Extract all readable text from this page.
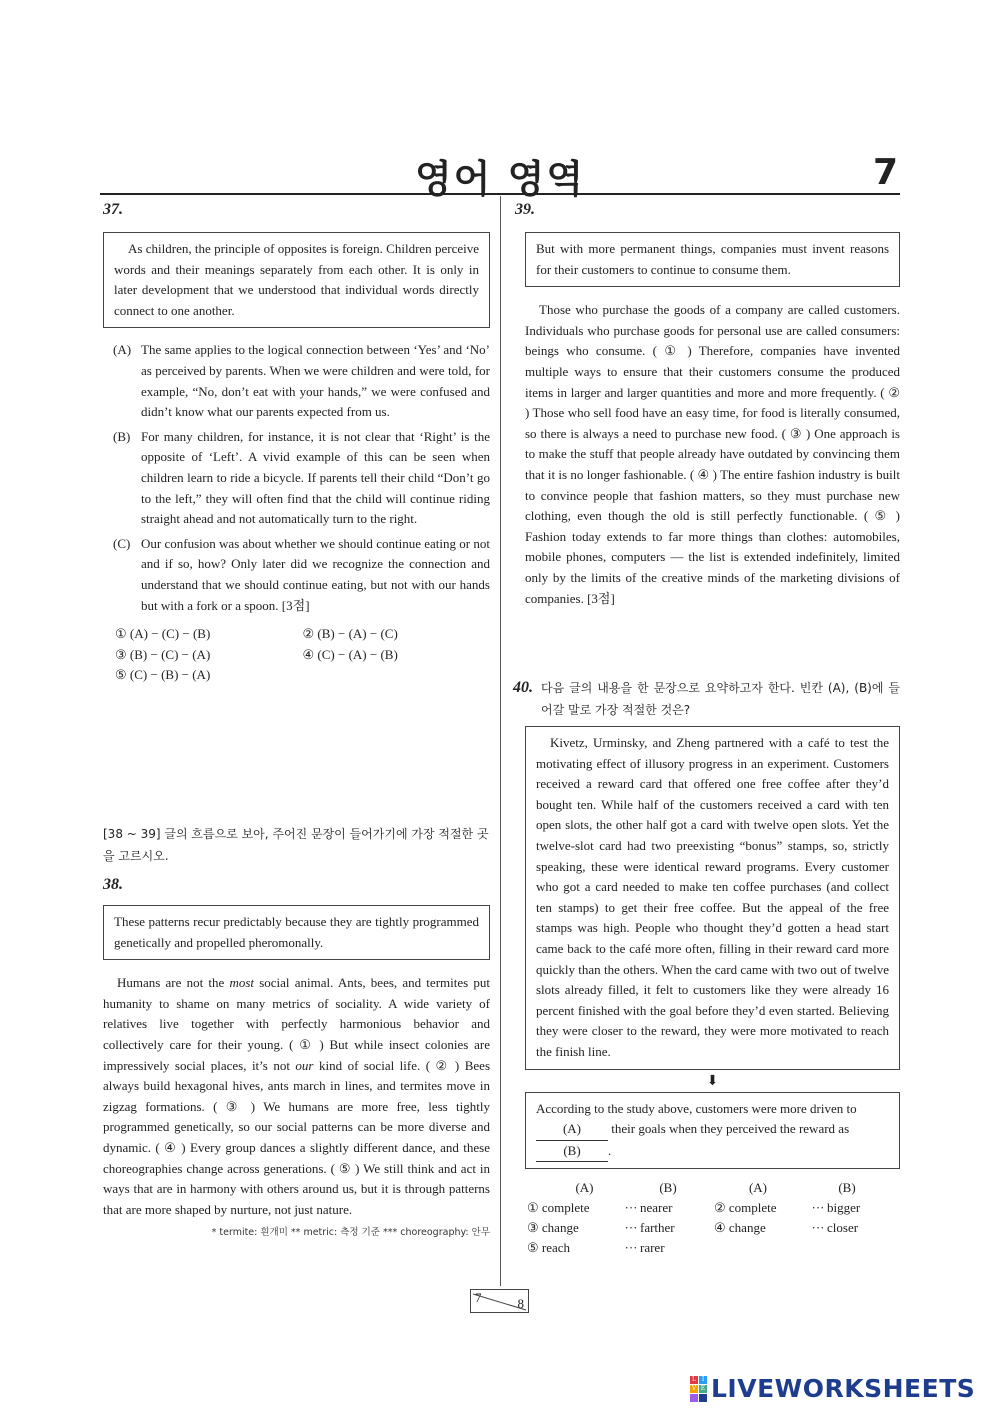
영어 영역	7
37.
As children, the principle of opposites is foreign. Children perceive words and their meanings separately from each other. It is only in later development that we understood that individual words directly connect to one another.
(A) The same applies to the logical connection between ‘Yes’ and ‘No’ as perceived by parents. When we were children and were told, for example, “No, don’t eat with your hands,” we were confused and didn’t know what our parents expected from us.
(B) For many children, for instance, it is not clear that ‘Right’ is the opposite of ‘Left’. A vivid example of this can be seen when children learn to ride a bicycle. If parents tell their child “Don’t go to the left,” they will often find that the child will continue riding straight ahead and not automatically turn to the right.
(C) Our confusion was about whether we should continue eating or not and if so, how? Only later did we recognize the connection and understand that we should continue eating, but not with our hands but with a fork or a spoon. [3점]
① (A) − (C) − (B)	② (B) − (A) − (C)
③ (B) − (C) − (A)	④ (C) − (A) − (B)
⑤ (C) − (B) − (A)
[38 ~ 39] 글의 흐름으로 보아, 주어진 문장이 들어가기에 가장 적절한 곳을 고르시오.
38.
These patterns recur predictably because they are tightly programmed genetically and propelled pheromonally.
Humans are not the most social animal. Ants, bees, and termites put humanity to shame on many metrics of sociality. A wide variety of relatives live together with perfectly harmonious behavior and collectively care for their young. ( ① ) But while insect colonies are impressively social places, it’s not our kind of social life. ( ② ) Bees always build hexagonal hives, ants march in lines, and termites move in zigzag formations. ( ③ ) We humans are more free, less tightly programmed genetically, so our social patterns can be more diverse and dynamic. ( ④ ) Every group dances a slightly different dance, and these choreographies change across generations. ( ⑤ ) We still think and act in ways that are in harmony with others around us, but it is through patterns that are more shaped by nurture, not just nature.
* termite: 흰개미 ** metric: 측정 기준 *** choreography: 안무
39.
But with more permanent things, companies must invent reasons for their customers to continue to consume them.
Those who purchase the goods of a company are called customers. Individuals who purchase goods for personal use are called consumers: beings who consume. ( ① ) Therefore, companies have invented multiple ways to ensure that their customers consume the produced items in larger and larger quantities and more and more frequently. ( ② ) Those who sell food have an easy time, for food is literally consumed, so there is always a need to purchase new food. ( ③ ) One approach is to make the stuff that people already have outdated by convincing them that it is no longer fashionable. ( ④ ) The entire fashion industry is built to convince people that fashion matters, so they must purchase new clothing, even though the old is still perfectly functionable. ( ⑤ ) Fashion today extends to far more things than clothes: automobiles, mobile phones, computers — the list is extended indefinitely, limited only by the limits of the creative minds of the marketing divisions of companies. [3점]
40. 다음 글의 내용을 한 문장으로 요약하고자 한다. 빈칸 (A), (B)에 들어갈 말로 가장 적절한 것은?
Kivetz, Urminsky, and Zheng partnered with a café to test the motivating effect of illusory progress in an experiment. Customers received a reward card that offered one free coffee after they’d bought ten. While half of the customers received a card with ten open slots, the other half got a card with twelve open slots. Yet the twelve-slot card had two preexisting “bonus” stamps, so, strictly speaking, these were identical reward programs. Every customer who got a card needed to make ten coffee purchases (and collect ten stamps) to get their free coffee. But the appeal of the free stamps was high. People who thought they’d gotten a head start came back to the café more often, filling in their reward card more quickly than the others. When the card came with two out of twelve slots already filled, it felt to customers like they were already 16 percent finished with the goal before they’d even started. Believing they were closer to the reward, they were more motivated to reach the finish line.
⬇
According to the study above, customers were more driven to
(A) their goals when they perceived the reward as
(B) .
(A)	(B)	(A)	(B)
① complete	··· nearer	② complete	··· bigger
③ change	··· farther	④ change	··· closer
⑤ reach	··· rarer
7	8
L I
V E LIVEWORKSHEETS
